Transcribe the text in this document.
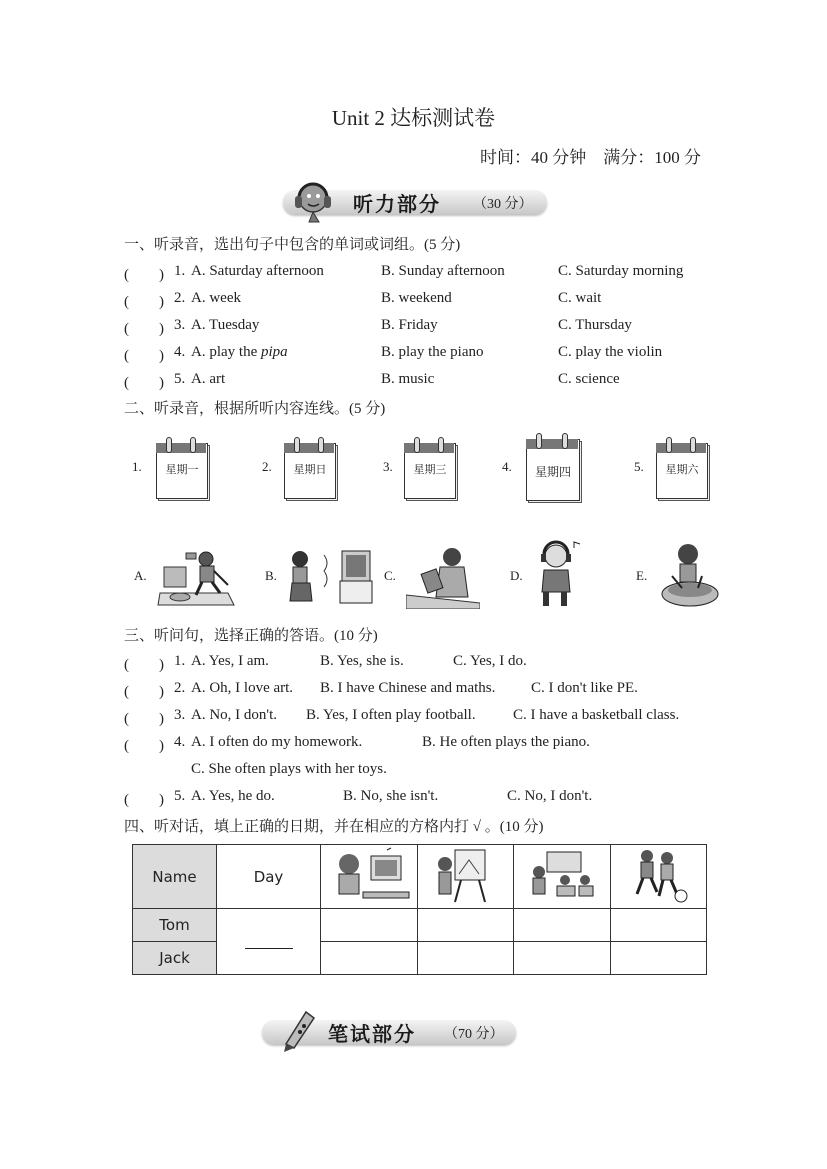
Unit 2 达标测试卷
时间：40 分钟　满分：100 分
听力部分 （30 分）
一、听录音，选出句子中包含的单词或词组。(5 分)
(　　) 1. A. Saturday afternoon	B. Sunday afternoon	C. Saturday morning
(　　) 2. A. week	B. weekend	C. wait
(　　) 3. A. Tuesday	B. Friday	C. Thursday
(　　) 4. A. play the pipa	B. play the piano	C. play the violin
(　　) 5. A. art	B. music	C. science
二、听录音，根据所听内容连线。(5 分)
1.	星期一	2.	星期日	3.	星期三	4.	星期四	5.	星期六
A.	B.	C.	D.	E.
三、听问句，选择正确的答语。(10 分)
(　　) 1. A. Yes, I am.	B. Yes, she is.	C. Yes, I do.
(　　) 2. A. Oh, I love art. B. I have Chinese and maths. C. I don't like PE.
(　　) 3. A. No, I don't. B. Yes, I often play football. C. I have a basketball class.
(　　) 4. A. I often do my homework.	B. He often plays the piano.
C. She often plays with her toys.
(　　) 5. A. Yes, he do.	B. No, she isn't.	C. No, I don't.
四、听对话，填上正确的日期，并在相应的方格内打 √ 。(10 分)
Name	Day				
Tom	

Jack					
笔试部分 （70 分）
